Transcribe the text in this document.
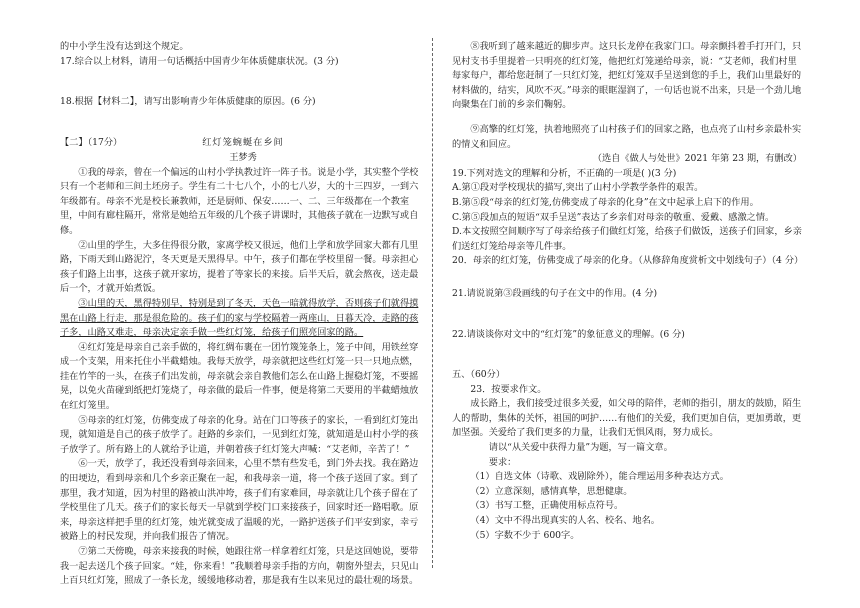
的中小学生没有达到这个规定。

17.综合以上材料，请用一句话概括中国青少年体质健康状况。(3 分)

18.根据【材料二】，请写出影响青少年体质健康的原因。(6 分)

【二】（17分）	红灯笼蜿蜒在乡间

王梦秀

①我的母亲，曾在一个偏远的山村小学执教过许一阵子书。说是小学，其实整个学校只有一个老师和三间土坯房子。学生有二十七八个，小的七八岁，大的十三四岁，一到六年级都有。母亲不光是校长兼教师，还是厨师、保安……一、二、三年级都在一个教室里，中间有廊柱隔开，常常是她给五年级的几个孩子讲课时，其他孩子就在一边默写或自修。

②山里的学生，大多住得很分散，家离学校又很远，他们上学和放学回家大都有几里路，下雨天到山路泥泞，冬天更是天黑得早。中午，孩子们都在学校里留一餐。母亲担心孩子们路上出事，这孩子就开家坊，提着了等家长的来接。后半天后，就会熬夜，送走最后一个，才就开始煮饭。

③山里的天，黑得特别早，特别是到了冬天，天色一暗就得放学，否则孩子们就得摸黑在山路上行走，那是很危险的。孩子们的家与学校隔着一两座山，日暮天冷，走路的孩子多，山路又难走，母亲决定亲手做一些红灯笼，给孩子们照亮回家的路。

④红灯笼是母亲自己亲手做的，将红绸布裹在一团竹篾笼条上，笼子中间，用铁丝穿成一个支架，用来托住小半截蜡烛。我每天放学，母亲就把这些红灯笼一只一只地点燃，挂在竹竿的一头，在孩子们出发前，母亲就会亲自教他们怎么在山路上握稳灯笼，不要摇晃，以免火苗碰到纸把灯笼烧了，母亲做的最后一件事，便是将第二天要用的半截蜡烛放在红灯笼里。

⑤母亲的红灯笼，仿佛变成了母亲的化身。站在门口等孩子的家长，一看到红灯笼出现，就知道是自己的孩子放学了。赶路的乡亲们，一见到红灯笼，就知道是山村小学的孩子放学了。所有路上的人就给予让道，并朝着孩子红灯笼大声喊：“艾老师，辛苦了！”

⑥一天，放学了，我还没看到母亲回来，心里不禁有些发毛，到门外去找。我在路边的田埂边，看到母亲和几个乡亲正聚在一起，和我母亲一道，将一个孩子送回了家。到了那里，我才知道，因为村里的路被山洪冲垮，孩子们有家难回，母亲就让几个孩子留在了学校里住了几天。孩子们的家长每天一早就到学校门口来接孩子，回家时还一路唱歌。原来，母亲这样把手里的红灯笼，烛光就变成了温暖的光，一路护送孩子们平安到家，幸亏被路上的村民发现，并向我们报告了情况。

⑦第二天傍晚，母亲来接我的时候，她跟往常一样拿着红灯笼，只是这回她说，要带我一起去送几个孩子回家。“娃，你来看！”我顺着母亲手指的方向，朝窗外望去，只见山上百只红灯笼，照成了一条长龙，缓缓地移动着，那是我有生以来见过的最壮观的场景。

⑧我听到了越来越近的脚步声。这只长龙停在我家门口。母亲颤抖着手打开门，只见村支书手里提着一只明亮的红灯笼，他把红灯笼递给母亲，说：“艾老师，我们村里每家每户，都给您赶制了一只红灯笼，把红灯笼双手呈送到您的手上，我们山里最好的材料做的，结实，风吹不灭。”母亲的眼眶湿润了，一句话也说不出来，只是一个劲儿地向聚集在门前的乡亲们鞠躬。

⑨高擎的红灯笼，执着地照亮了山村孩子们的回家之路，也点亮了山村乡亲最朴实的情义和回应。

（选自《做人与处世》2021 年第 23 期，有删改）

19.下列对选文的理解和分析，不正确的一项是( )(3 分)

A.第①段对学校现状的描写,突出了山村小学教学条件的艰苦。

B.第⑤段“母亲的红灯笼,仿佛变成了母亲的化身”在文中起承上启下的作用。

C.第⑤段加点的短语“双手呈送”表达了乡亲们对母亲的敬重、爱戴、感激之情。

D.本文按照空间顺序写了母亲给孩子们做红灯笼，给孩子们做饭，送孩子们回家，乡亲们送红灯笼给母亲等几件事。

20．母亲的红灯笼，仿佛变成了母亲的化身。（从修辞角度赏析文中划线句子）（4 分）

21.请说说第③段画线的句子在文中的作用。(4 分)

22.请谈谈你对文中的“红灯笼”的象征意义的理解。(6 分)

五、（60分）

23．按要求作文。

成长路上，我们接受过很多关爱，如父母的陪伴，老师的指引，朋友的鼓励，陌生人的帮助，集体的关怀，祖国的呵护……有他们的关爱，我们更加自信，更加勇敢，更加坚强。关爱给了我们更多的力量，让我们无惧风雨，努力成长。

请以“从关爱中获得力量”为题，写一篇文章。

要求：

（1）自选文体（诗歌、戏剧除外），能合理运用多种表达方式。

（2）立意深刻，感情真挚，思想健康。

（3）书写工整，正确使用标点符号。

（4）文中不得出现真实的人名、校名、地名。

（5）字数不少于 600字。
